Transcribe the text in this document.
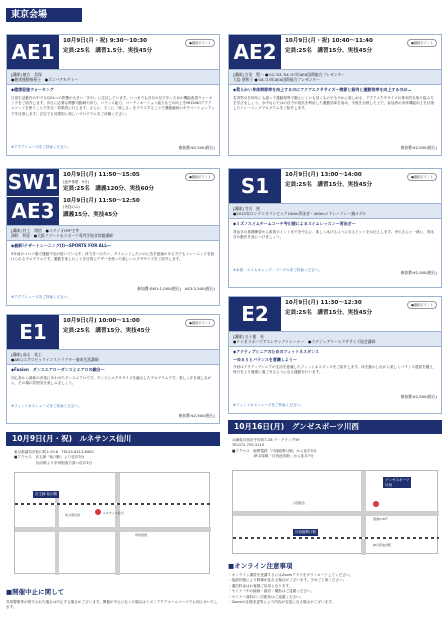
東京会場
AE1	10月9日(月・祝) 9:30～10:30
定員:25名　講習1.5分、実技45分
●継続ポイント
[講師] 植方　美保
●健康運動指導士　●ズンバアカデミー
◆健康促進ウォーキング
日常生活動作の中でもQOLへの影響が大きい「歩行」に注目しています。いつまでも自分の足で歩くための機能改善ウォーキングをご紹介します。歩行に必要な関節可動域や体力、バランス能力、コーディネーション能力などの向上をMIZUNOアクアメソッドを使うことで安全・効果的に行えます。さらに、そこに「楽しさ」をプラスすることで運動継続のモチベーションアップを目指します。自宅でも効果的に楽しいプログラムをご体験ください。
※アクアシューズをご持参ください。	参加費:¥2,500(税込)
AE2	10月9日(月・祝) 10:40～11:40
定員:25名　講習15分、実技45分
●継続ポイント
[講師] 吉田　賢一 ●'01-'03-'04-'07年AEA国際総合プレゼンター
大島 朋和子 ●'18-'23年AEA国際総合プレゼンター
◆柔らかい身体関節率を向上するのにアクアエクササイズ～関節と筋肉と運動効率を向上するのが…
若者男女を何年にも渡って運動指導で鍛えにくいも効くものでもやかに楽しめる、アクアエクササイズの基本的な取り組み方を学びましょう。水中ならではの浮力や抵抗を利用した運動効率を高め、今後を目指した上で、参加者の身体機能向上を目指したトレーニングプログラムをご紹介します。
参加費:¥2,500(税込)
SW1
AE3
10月9日(月) 11:50～15:05
(途中休憩：5分)
定員:25名　講義120分、実技60分
10月9日(月) 11:50～12:50
(実技のみ)
講義15分、実技45分
●継続ポイント
[講師] 村上　翔悟　●スタジオHYP主宰
澤野　利恵　●大阪リゾート＆スポーツ専門学校非常勤講師
◆最新!テザートレーニング(I)―SPORTS FOR ALL―
3年前のコロナ禍で運動不足が続いている中、体力をつけたい、ダイエットしたいのに苦手意識のある方でもトレーニングを続けられるプログラムです。運動を楽しむことを目的にテザーを使った新しいエクササイズをご紹介します。
※アクアシューズをご持参ください。
参加費:SW1:1,000(税込)　AE3:2,500(税込)
S1	10月9日(月) 13:00～14:00
定員:25名　講習15分、実技45分
●継続ポイント
[講師] 寺川　綾
●2012年ロンドンオリンピック100m背泳ぎ・400mメドレーリレー銅メダル
◆ミズノスイムチームコーチ寺川綾によるスイムレッスン～背泳ぎ～
背泳ぎの基礎練習から改善ポイントまでを中心に、楽しく泳げるようになるヒントをお伝えします。寺川さんと一緒に、背泳ぎの動作を身につけましょう。
※水着・スイムキャップ・ゴーグルをご持参ください。	参加費:¥2,500(税込)
E1	10月9日(月) 10:00～11:00
定員:25名　講習15分、実技45分
●継続ポイント
[講師] 高山　英士
●AEC/エアロビックインストラクター養成生涯講師
◆Fusion　ダンスエアロ～ダンスとエアロの融合～
初心者から最新の音楽にあわせたダンスエアロです。ダンスとエクササイズを融合したプログラムです。楽しく汗を流しながら、その場の雰囲気を楽しみましょう。
※フィットネスシューズをご持参ください。
参加費:¥2,500(税込)
E2	10月9日(月) 11:30～12:30
定員:25名　講習15分、実技45分
●継続ポイント
[講師] 五十嵐　亮
●リンガスポーツアスレチックトレーナー　●ラグジュアリーエクササイズ協会講師
◆アクティブシニアのためのフィットネスダンス
～ゆるりとバランスを意識しよう～
今回はアクティブシニアの生活を意識したフィットネスダンスをご紹介します。体を動かしながら楽しくバランス感覚を鍛え、毎日をより健康に過ごせるようになる運動を行います。
※フィットネスシューズをご持参ください。
参加費:¥2,500(税込)
10月9日(月・祝)　ルネサンス仙川
東京都調布市仙川町2-19-6　TEL03-6313-8400
■アクセス　京王線「仙川駅」より徒歩3分
仙川駅より甲州街道方面へ徒歩3分
京王線 仙川駅
甲州街道
仙川商店街	ルネサンス仙川
■開催中止に関して
気象警報等が発令された場合は中止する場合がございます。開催が中止になった場合はミズノアクアホームページでお知らせいたします。
10月16日(月)　グンゼスポーツ川西
兵庫県川西市中央町7-18 ラ・グランデ5F
TEL072-755-3119
■アクセス　能勢電鉄「川西能勢口駅」から徒歩5分
JR宝塚線「川西池田駅」から徒歩7分
川西能勢口駅
JR川西池田駅
川西阪急
国道176号
グンゼスポーツ
川西
■オンライン注意事項
・オンライン講習を受講するにはZoomアプリをダウンロードしてください。
・接続状態により映像が乱れる場合がございます。予めご了承ください。
・通信料金はお客様ご負担となります。
・セミナー中の録画・録音・撮影はご遠慮ください。
・セミナー資料の二次配布はご遠慮ください。
・Zoomの仕様変更等により内容が変更になる場合がございます。
